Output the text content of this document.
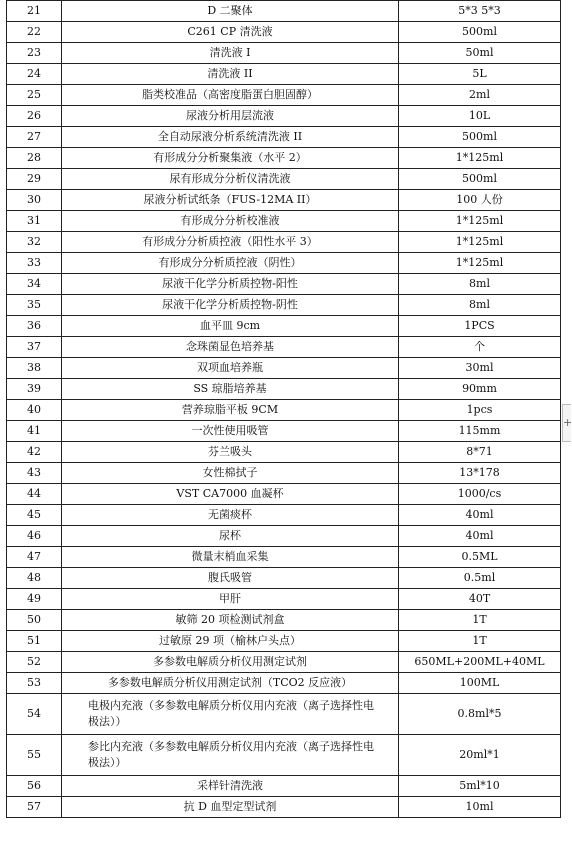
21	D 二聚体	5*3 5*3
22	C261 CP 清洗液	500ml
23	清洗液 I	50ml
24	清洗液 II	5L
25	脂类校准品（高密度脂蛋白胆固醇）	2ml
26	尿液分析用层流液	10L
27	全自动尿液分析系统清洗液 II	500ml
28	有形成分分析聚集液（水平 2）	1*125ml
29	尿有形成分分析仪清洗液	500ml
30	尿液分析试纸条（FUS-12MA II）	100 人份
31	有形成分分析校准液	1*125ml
32	有形成分分析质控液（阳性水平 3）	1*125ml
33	有形成分分析质控液（阴性）	1*125ml
34	尿液干化学分析质控物-阳性	8ml
35	尿液干化学分析质控物-阴性	8ml
36	血平皿 9cm	1PCS
37	念珠菌显色培养基	个
38	双项血培养瓶	30ml
39	SS 琼脂培养基	90mm
40	营养琼脂平板 9CM	1pcs
41	一次性使用吸管	115mm
42	芬兰吸头	8*71
43	女性棉拭子	13*178
44	VST CA7000 血凝杯	1000/cs
45	无菌痰杯	40ml
46	尿杯	40ml
47	微量末梢血采集	0.5ML
48	腹氏吸管	0.5ml
49	甲肝	40T
50	敏筛 20 项检测试剂盒	1T
51	过敏原 29 项（榆林户头点）	1T
52	多参数电解质分析仪用测定试剂	650ML+200ML+40ML
53	多参数电解质分析仪用测定试剂（TCO2 反应液）	100ML
54	电极内充液（多参数电解质分析仪用内充液（离子选择性电极法））	0.8ml*5
55	参比内充液（多参数电解质分析仪用内充液（离子选择性电极法））	20ml*1
56	采样针清洗液	5ml*10
57	抗 D 血型定型试剂	10ml
+
